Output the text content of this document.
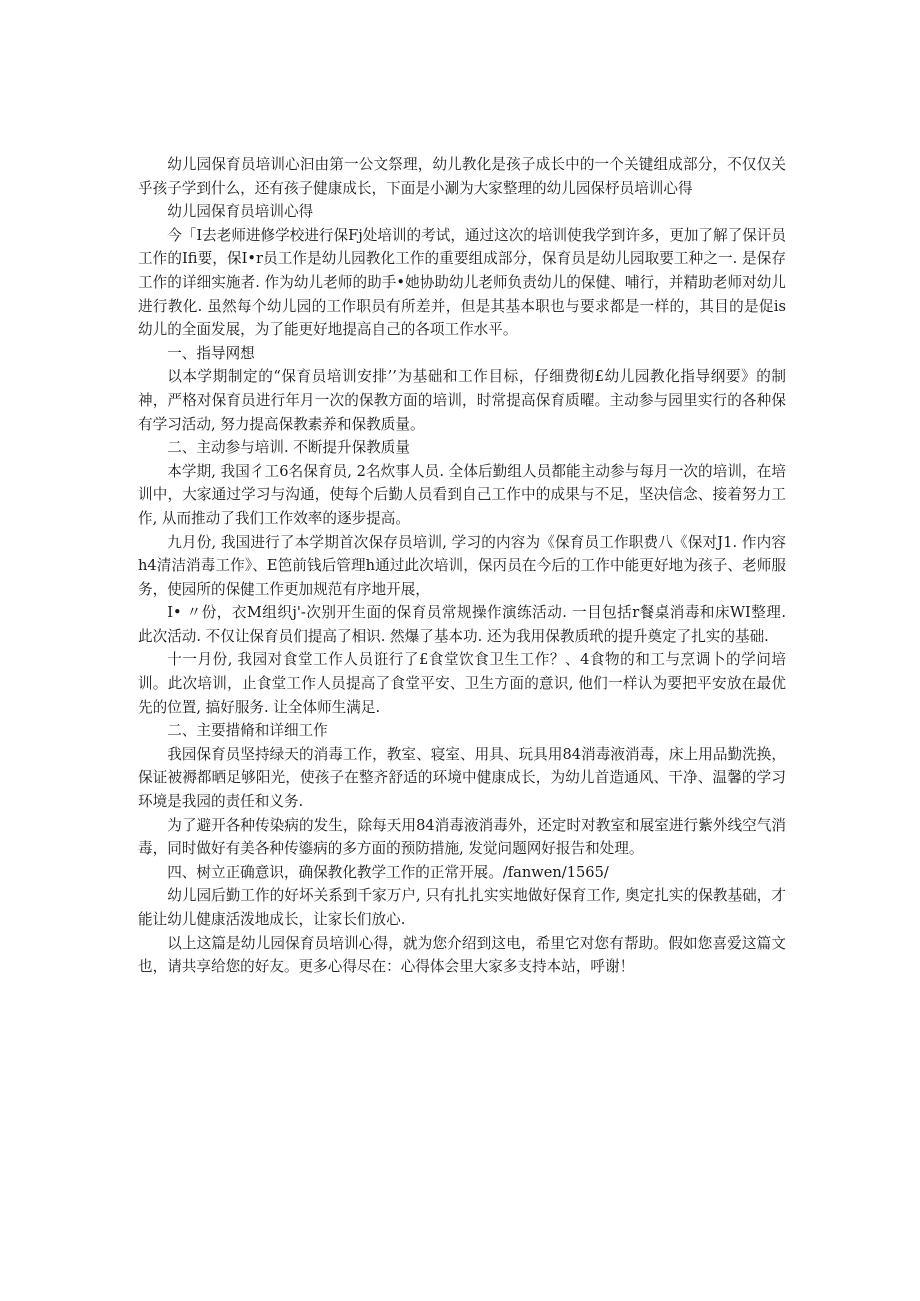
幼儿园保育员培训心汩由第一公文祭理，幼儿教化是孩子成长中的一个关键组成部分，不仅仅关乎孩子学到什么，还有孩子健康成长，下面是小涮为大家整理的幼儿园保杼员培训心得

幼儿园保育员培训心得

今「I去老师进修学校进行保Fj处培训的考试，通过这次的培训使我学到许多，更加了解了保讦员工作的Ifi要，保I•r员工作是幼儿园教化工作的重要组成部分，保育员是幼儿园取要工种之一. 是保存工作的详细实施者. 作为幼儿老师的助手•她协助幼儿老师负责幼儿的保健、哺行，并精助老师对幼儿进行教化. 虽然每个幼儿园的工作职员有所差并，但是其基本职也与要求都是一样的，其目的是促is幼儿的全面发展，为了能更好地提高自己的各项工作水平。

一、指导网想

以本学期制定的“保育员培训安排’’为基础和工作目标，仔细费彻£幼儿园教化指导纲要》的制神，严格对保育员进行年月一次的保教方面的培训，时常提高保育质曜。主动参与园里实行的各种保有学习活动, 努力提高保教素养和保教质量。

二、主动参与培训. 不断提升保教质量

本学期, 我国彳工6名保育员, 2名炊事人员. 全体后勤组人员都能主动参与每月一次的培训，在培训中，大家通过学习与沟通，使每个后勤人员看到自己工作中的成果与不足，坚决信念、接着努力工作, 从而推动了我们工作效率的逐步提高。

九月份, 我国进行了本学期首次保存员培训, 学习的内容为《保育员工作职费八《保对J1. 作内容h4清洁消毒工作》、E笆前钱后管理h通过此次培训，保丙员在今后的工作中能更好地为孩子、老师服务，使园所的保健工作更加规范有序地开展，

I• 〃份，衣M组织j'-次别开生面的保育员常规操作演练活动. 一目包括r餐桌消毒和床WI整理. 此次活动. 不仅让保育员们提高了相识. 然爆了基本功. 还为我用保教质玳的提升奠定了扎实的基础.

十一月份, 我园对食堂工作人员诳行了£食堂饮食卫生工作？、4食物的和工与烹调卜的学问培训。此次培训，止食堂工作人员提高了食堂平安、卫生方面的意识, 他们一样认为要把平安放在最优先的位置, 搞好服务. 让全体师生满足.

二、主要措脩和详细工作

我园保育员坚持绿天的消毒工作，教室、寝室、用具、玩具用84消毒液消毒，床上用品勤洗换，保证被褥都晒足够阳光，使孩子在整齐舒适的环境中健康成长，为幼儿首造通风、干净、温馨的学习环境是我园的责任和义务.

为了避开各种传染病的发生，除每天用84消毒液消毒外，还定时对教室和展室进行紫外线空气消毒，同时做好有美各种传鎏病的多方面的预防措施, 发觉问题网好报告和处理。

四、树立正确意识，确保教化教学工作的正常开展。/fanwen/1565/

幼儿园后勤工作的好坏关系到千家万户, 只有扎扎实实地做好保育工作, 奥定扎实的保教基础，才能让幼儿健康活泼地成长，让家长们放心.

以上这篇是幼儿园保育员培训心得，就为您介绍到这电，希里它对您有帮助。假如您喜爱这篇文也，请共享给您的好友。更多心得尽在：心得体会里大家多支持本站，呼谢！
